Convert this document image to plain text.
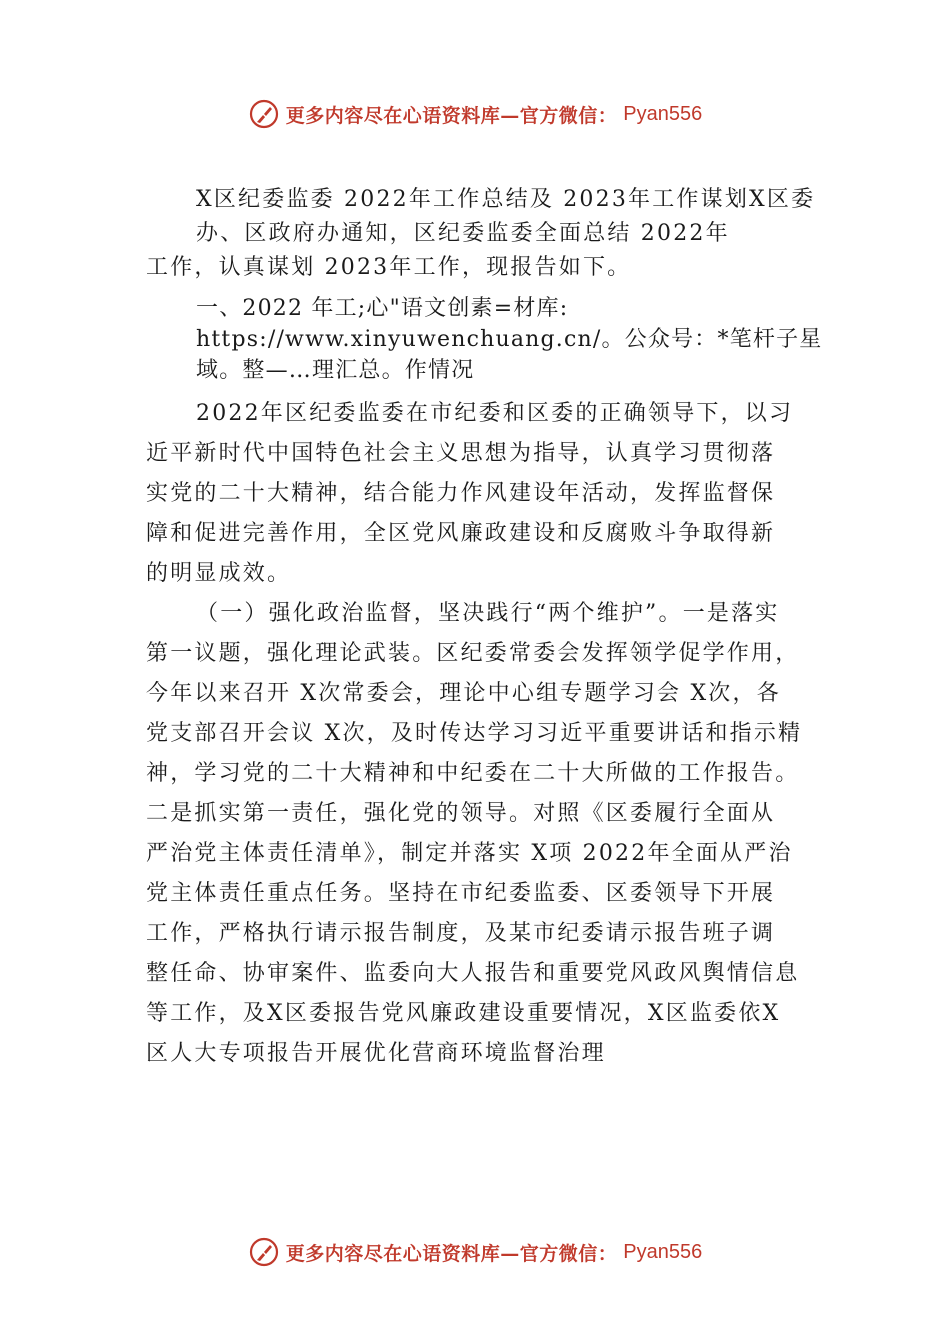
更多内容尽在心语资料库—官方微信： Pyan556
X区纪委监委 2022年工作总结及 2023年工作谋划X区委
办、区政府办通知，区纪委监委全面总结 2022年
工作，认真谋划 2023年工作，现报告如下。
一、2022 年工;心"语文创素=材库:
https://www.xinyuwenchuang.cn/。公众号：*笔杆子星
域。整—…理汇总。作情况
2022年区纪委监委在市纪委和区委的正确领导下，以习
近平新时代中国特色社会主义思想为指导，认真学习贯彻落
实党的二十大精神，结合能力作风建设年活动，发挥监督保
障和促进完善作用，全区党风廉政建设和反腐败斗争取得新
的明显成效。
（一）强化政治监督，坚决践行“两个维护”。一是落实
第一议题，强化理论武装。区纪委常委会发挥领学促学作用，
今年以来召开 X次常委会，理论中心组专题学习会 X次，各
党支部召开会议 X次，及时传达学习习近平重要讲话和指示精
神，学习党的二十大精神和中纪委在二十大所做的工作报告。
二是抓实第一责任，强化党的领导。对照《区委履行全面从
严治党主体责任清单》，制定并落实 X项 2022年全面从严治
党主体责任重点任务。坚持在市纪委监委、区委领导下开展
工作，严格执行请示报告制度，及某市纪委请示报告班子调
整任命、协审案件、监委向大人报告和重要党风政风舆情信息
等工作，及X区委报告党风廉政建设重要情况，X区监委依X
区人大专项报告开展优化营商环境监督治理
更多内容尽在心语资料库—官方微信： Pyan556
